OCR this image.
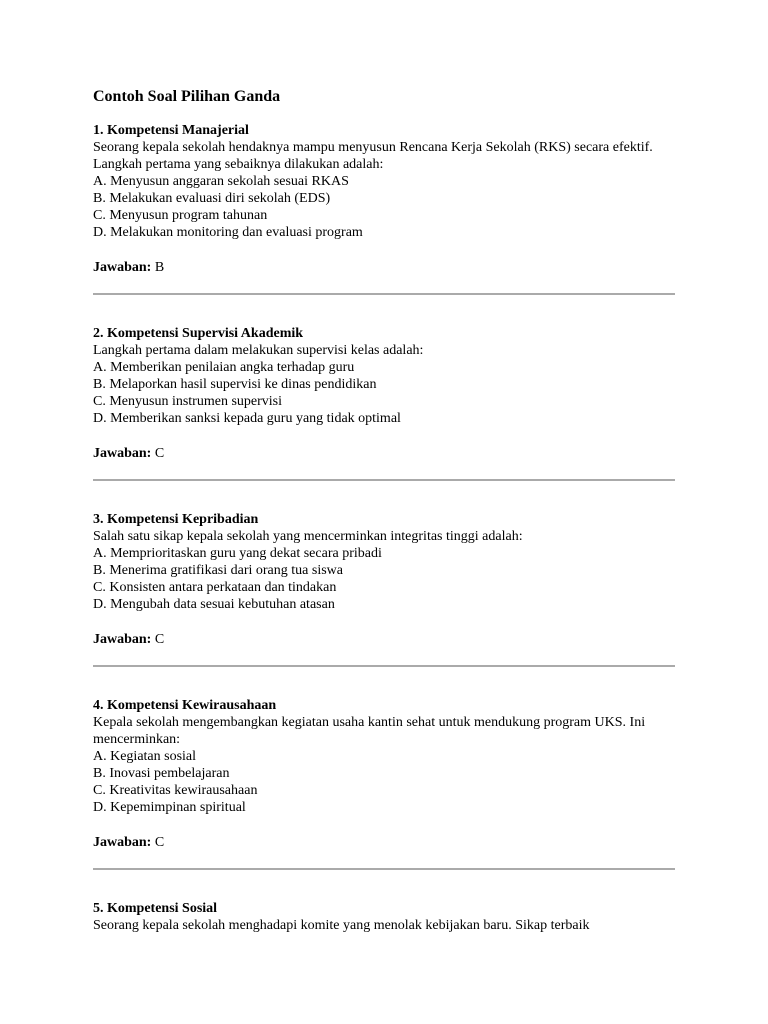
Contoh Soal Pilihan Ganda
1. Kompetensi Manajerial
Seorang kepala sekolah hendaknya mampu menyusun Rencana Kerja Sekolah (RKS) secara efektif. Langkah pertama yang sebaiknya dilakukan adalah:
A. Menyusun anggaran sekolah sesuai RKAS
B. Melakukan evaluasi diri sekolah (EDS)
C. Menyusun program tahunan
D. Melakukan monitoring dan evaluasi program
Jawaban: B
2. Kompetensi Supervisi Akademik
Langkah pertama dalam melakukan supervisi kelas adalah:
A. Memberikan penilaian angka terhadap guru
B. Melaporkan hasil supervisi ke dinas pendidikan
C. Menyusun instrumen supervisi
D. Memberikan sanksi kepada guru yang tidak optimal
Jawaban: C
3. Kompetensi Kepribadian
Salah satu sikap kepala sekolah yang mencerminkan integritas tinggi adalah:
A. Memprioritaskan guru yang dekat secara pribadi
B. Menerima gratifikasi dari orang tua siswa
C. Konsisten antara perkataan dan tindakan
D. Mengubah data sesuai kebutuhan atasan
Jawaban: C
4. Kompetensi Kewirausahaan
Kepala sekolah mengembangkan kegiatan usaha kantin sehat untuk mendukung program UKS. Ini mencerminkan:
A. Kegiatan sosial
B. Inovasi pembelajaran
C. Kreativitas kewirausahaan
D. Kepemimpinan spiritual
Jawaban: C
5. Kompetensi Sosial
Seorang kepala sekolah menghadapi komite yang menolak kebijakan baru. Sikap terbaik
